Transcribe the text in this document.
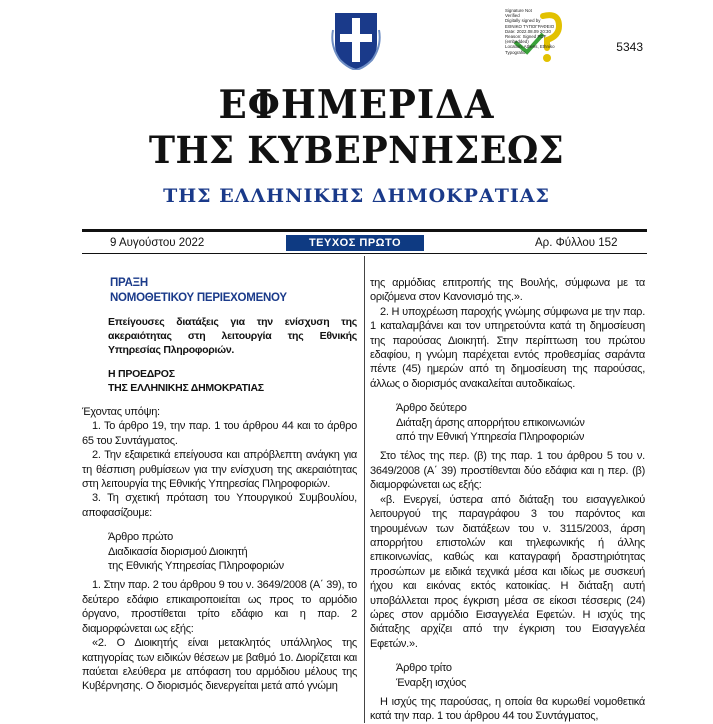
Signature Not
Verified
Digitally signed by
ΕΘΝΙΚΟ ΤΥΠΟΓΡΑΦΕΙΟ
Date: 2022.08.09 20:30
Reason: Signed PDF
(embedded)
Location: Athens, Ethniko
Typografio	5343
ΕΦΗΜΕΡΙΔΑ
ΤΗΣ ΚΥΒΕΡΝΗΣΕΩΣ
ΤΗΣ ΕΛΛΗΝΙΚΗΣ ΔΗΜΟΚΡΑΤΙΑΣ
9 Αυγούστου 2022	ΤΕΥΧΟΣ ΠΡΩΤΟ	Αρ. Φύλλου 152

ΠΡΑΞΗ
ΝΟΜΟΘΕΤΙΚΟΥ ΠΕΡΙΕΧΟΜΕΝΟΥ

Επείγουσες διατάξεις για την ενίσχυση της ακεραιότητας στη λειτουργία της Εθνικής Υπηρεσίας Πληροφοριών.

Η ΠΡΟΕΔΡΟΣ
ΤΗΣ ΕΛΛΗΝΙΚΗΣ ΔΗΜΟΚΡΑΤΙΑΣ

Έχοντας υπόψη:

1. Το άρθρο 19, την παρ. 1 του άρθρου 44 και το άρθρο 65 του Συντάγματος.

2. Την εξαιρετικά επείγουσα και απρόβλεπτη ανάγκη για τη θέσπιση ρυθμίσεων για την ενίσχυση της ακεραιότητας στη λειτουργία της Εθνικής Υπηρεσίας Πληροφοριών.

3. Τη σχετική πρόταση του Υπουργικού Συμβουλίου, αποφασίζουμε:

Άρθρο πρώτο

Διαδικασία διορισμού Διοικητή

της Εθνικής Υπηρεσίας Πληροφοριών

1. Στην παρ. 2 του άρθρου 9 του ν. 3649/2008 (Α΄ 39), το δεύτερο εδάφιο επικαιροποιείται ως προς το αρμόδιο όργανο, προστίθεται τρίτο εδάφιο και η παρ. 2 διαμορφώνεται ως εξής:

«2. Ο Διοικητής είναι μετακλητός υπάλληλος της κατηγορίας των ειδικών θέσεων με βαθμό 1ο. Διορίζεται και παύεται ελεύθερα με απόφαση του αρμόδιου μέλους της Κυβέρνησης. Ο διορισμός διενεργείται μετά από γνώμη

της αρμόδιας επιτροπής της Βουλής, σύμφωνα με τα οριζόμενα στον Κανονισμό της.».

2. Η υποχρέωση παροχής γνώμης σύμφωνα με την παρ. 1 καταλαμβάνει και τον υπηρετούντα κατά τη δημοσίευση της παρούσας Διοικητή. Στην περίπτωση του πρώτου εδαφίου, η γνώμη παρέχεται εντός προθεσμίας σαράντα πέντε (45) ημερών από τη δημοσίευση της παρούσας, άλλως ο διορισμός ανακαλείται αυτοδικαίως.

Άρθρο δεύτερο

Διάταξη άρσης απορρήτου επικοινωνιών

από την Εθνική Υπηρεσία Πληροφοριών

Στο τέλος της περ. (β) της παρ. 1 του άρθρου 5 του ν. 3649/2008 (Α΄ 39) προστίθενται δύο εδάφια και η περ. (β) διαμορφώνεται ως εξής:

«β. Ενεργεί, ύστερα από διάταξη του εισαγγελικού λειτουργού της παραγράφου 3 του παρόντος και τηρουμένων των διατάξεων του ν. 3115/2003, άρση απορρήτου επιστολών και τηλεφωνικής ή άλλης επικοινωνίας, καθώς και καταγραφή δραστηριότητας προσώπων με ειδικά τεχνικά μέσα και ιδίως με συσκευή ήχου και εικόνας εκτός κατοικίας. Η διάταξη αυτή υποβάλλεται προς έγκριση μέσα σε είκοσι τέσσερις (24) ώρες στον αρμόδιο Εισαγγελέα Εφετών. Η ισχύς της διάταξης αρχίζει από την έγκριση του Εισαγγελέα Εφετών.».

Άρθρο τρίτο

Έναρξη ισχύος

Η ισχύς της παρούσας, η οποία θα κυρωθεί νομοθετικά κατά την παρ. 1 του άρθρου 44 του Συντάγματος,
